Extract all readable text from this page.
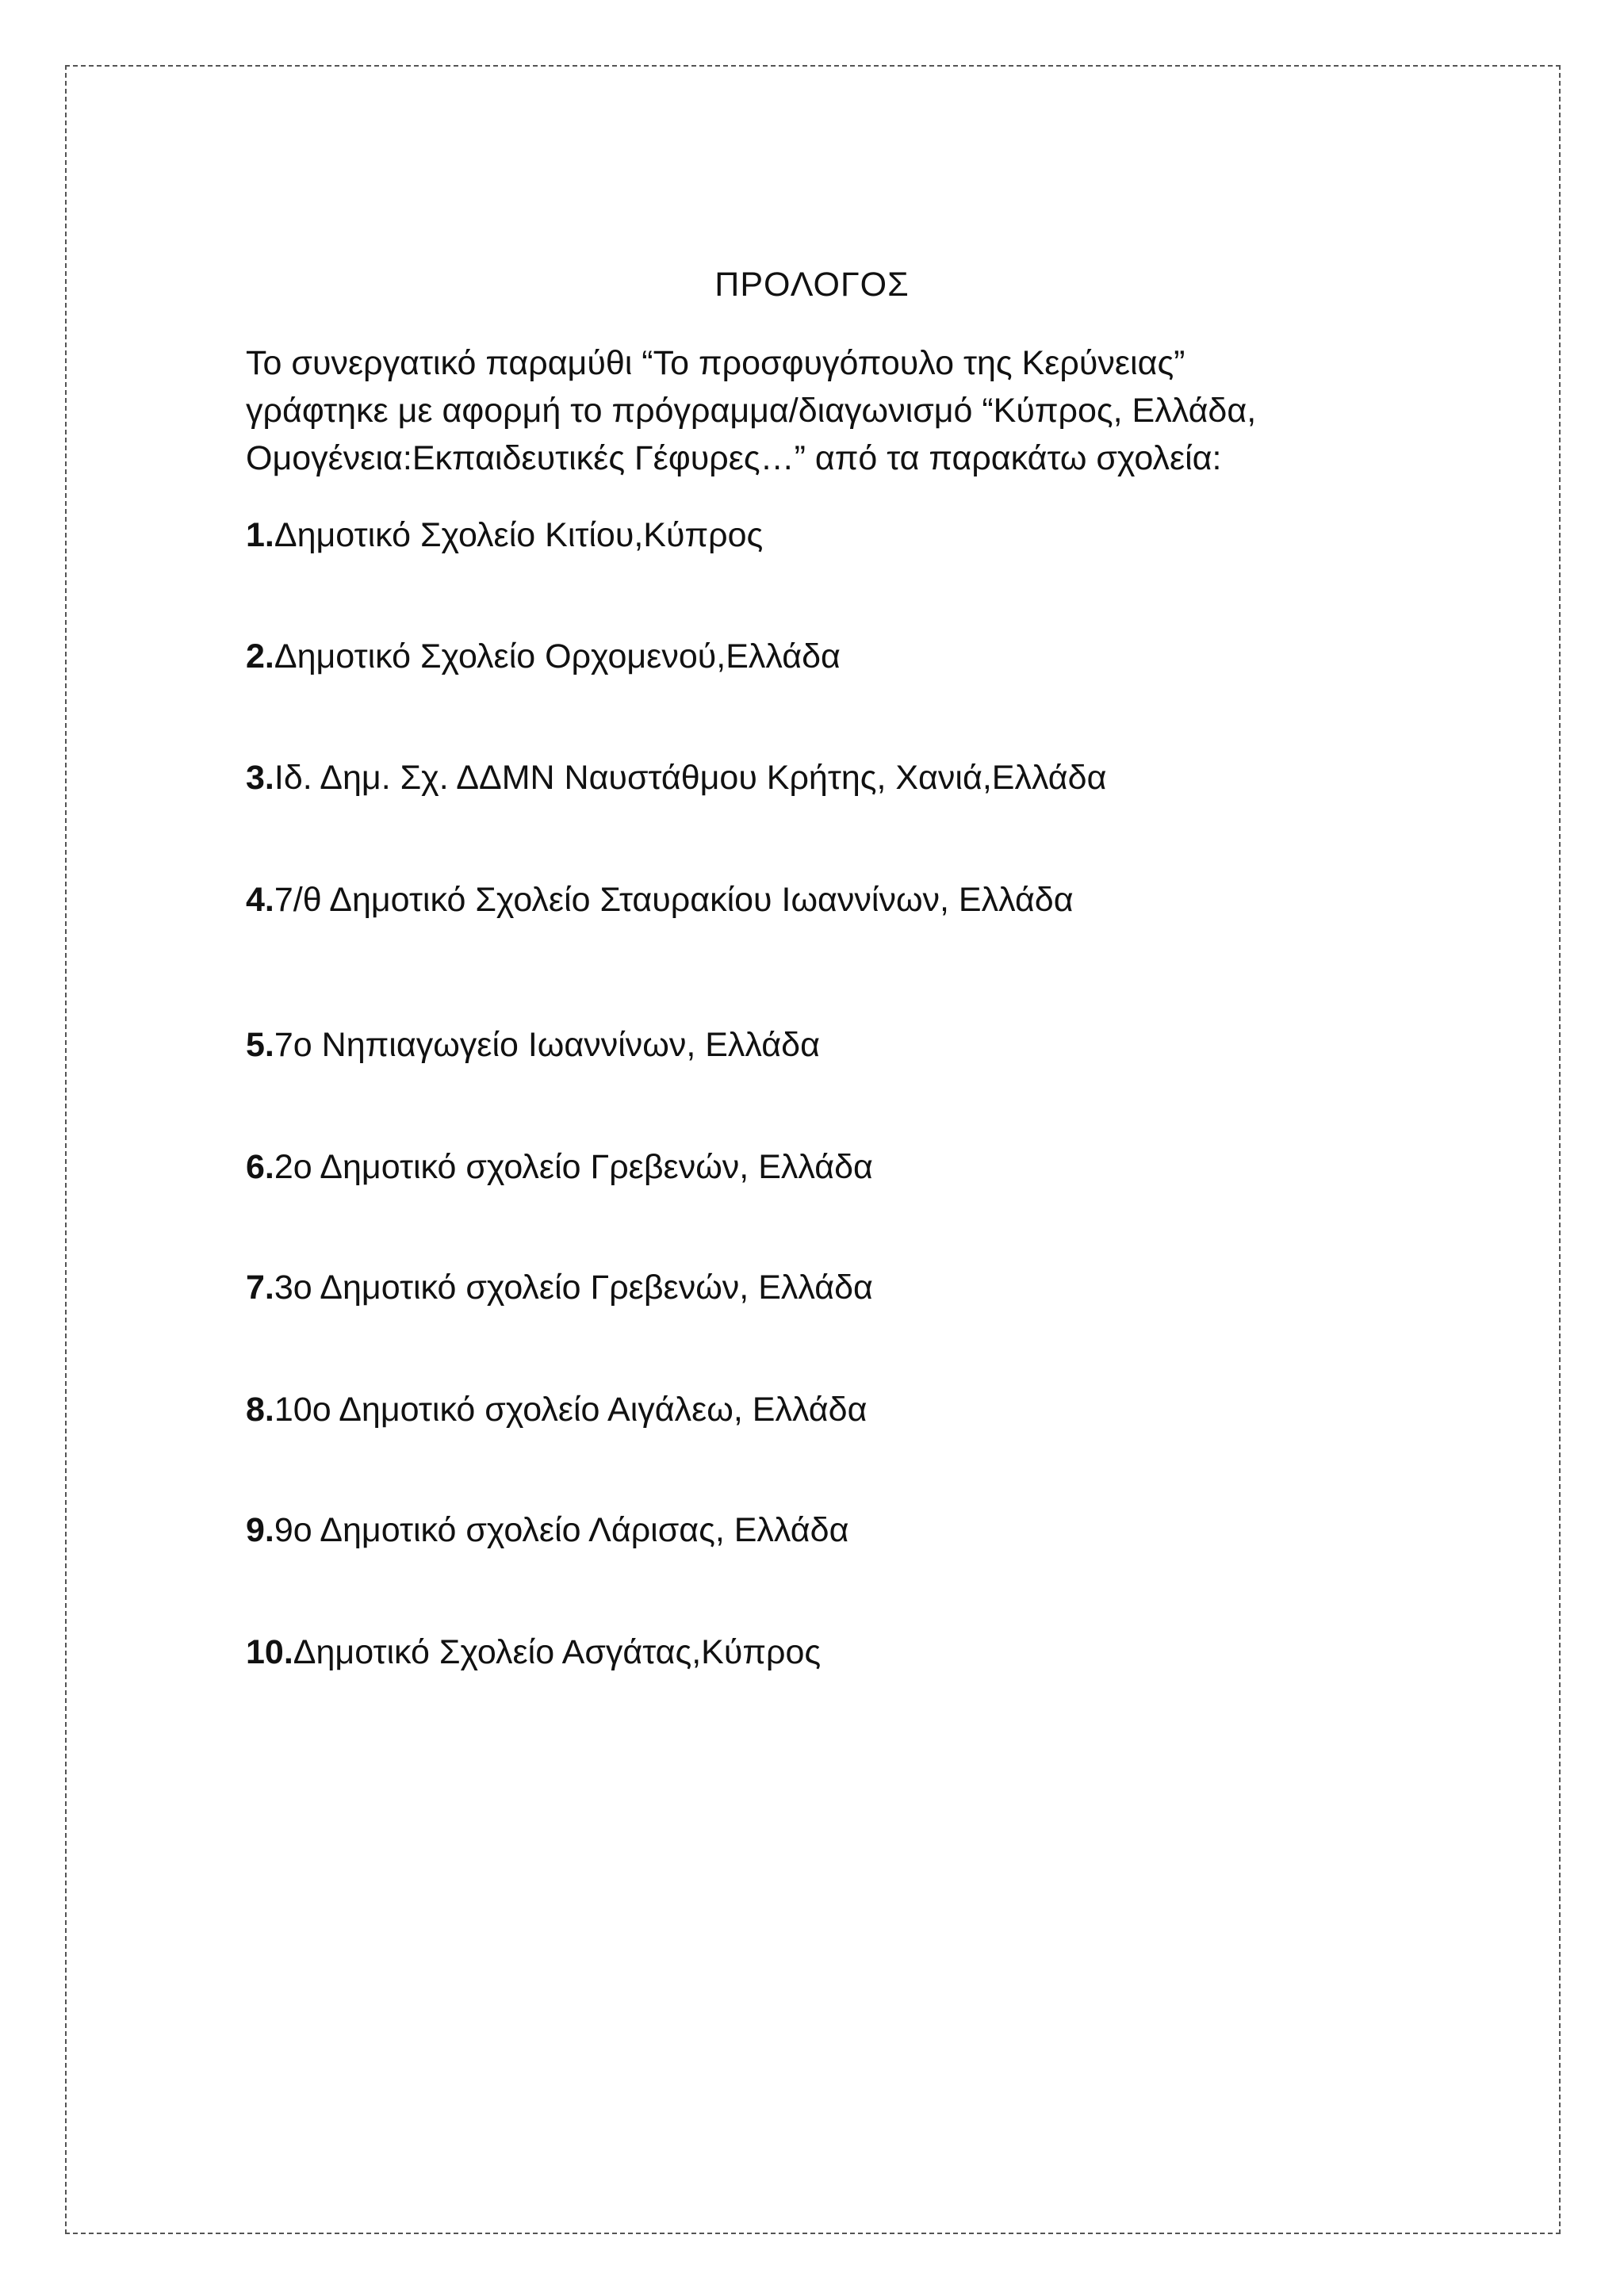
ΠΡΟΛΟΓΟΣ
Το συνεργατικό παραμύθι “Το προσφυγόπουλο της Κερύνειας”
γράφτηκε με αφορμή το πρόγραμμα/διαγωνισμό “Κύπρος, Ελλάδα,
Ομογένεια:Εκπαιδευτικές Γέφυρες…” από τα παρακάτω σχολεία:
1.Δημοτικό Σχολείο Κιτίου,Κύπρος
2.Δημοτικό Σχολείο Ορχομενού,Ελλάδα
3.Ιδ. Δημ. Σχ. ΔΔΜΝ Ναυστάθμου Κρήτης, Χανιά,Ελλάδα
4.7/θ Δημοτικό Σχολείο Σταυρακίου Ιωαννίνων, Ελλάδα
5.7ο Νηπιαγωγείο Ιωαννίνων, Ελλάδα
6.2ο Δημοτικό σχολείο Γρεβενών, Ελλάδα
7.3ο Δημοτικό σχολείο Γρεβενών, Ελλάδα
8.10ο Δημοτικό σχολείο Αιγάλεω, Ελλάδα
9.9ο Δημοτικό σχολείο Λάρισας, Ελλάδα
10.Δημοτικό Σχολείο Ασγάτας,Κύπρος
